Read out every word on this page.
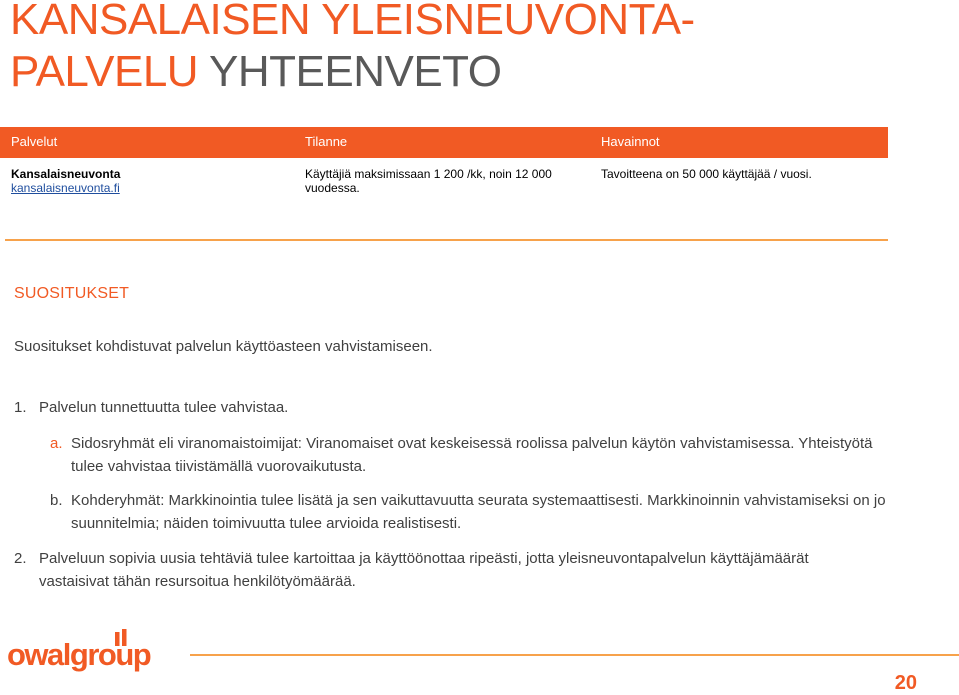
KANSALAISEN YLEISNEUVONTA-
PALVELU YHTEENVETO
Palvelut	Tilanne	Havainnot
Kansalaisneuvonta
kansalaisneuvonta.fi
Käyttäjiä maksimissaan 1 200 /kk, noin 12 000
vuodessa.
Tavoitteena on 50 000 käyttäjää / vuosi.
SUOSITUKSET
Suositukset kohdistuvat palvelun käyttöasteen vahvistamiseen.
1. Palvelun tunnettuutta tulee vahvistaa.
a. Sidosryhmät eli viranomaistoimijat: Viranomaiset ovat keskeisessä roolissa palvelun käytön vahvistamisessa. Yhteistyötä tulee vahvistaa tiivistämällä vuorovaikutusta.
b. Kohderyhmät: Markkinointia tulee lisätä ja sen vaikuttavuutta seurata systemaattisesti. Markkinoinnin vahvistamiseksi on jo suunnitelmia; näiden toimivuutta tulee arvioida realistisesti.
2. Palveluun sopivia uusia tehtäviä tulee kartoittaa ja käyttöönottaa ripeästi, jotta yleisneuvontapalvelun käyttäjämäärät vastaisivat tähän resursoitua henkilötyömäärää.
owalgroup
20
